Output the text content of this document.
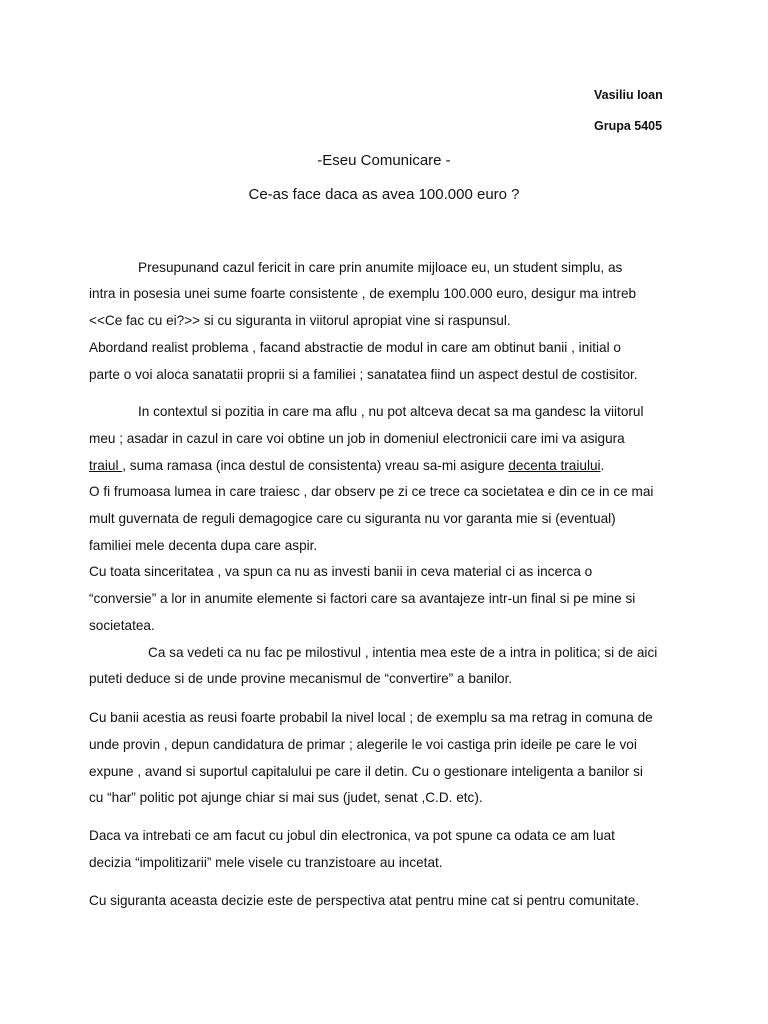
Vasiliu Ioan
Grupa 5405
-Eseu Comunicare -
Ce-as face daca as avea 100.000 euro ?
Presupunand cazul fericit in care prin anumite mijloace eu, un student simplu, as
intra in posesia unei sume foarte consistente , de exemplu 100.000 euro, desigur ma intreb
<<Ce fac cu ei?>> si cu siguranta in viitorul apropiat vine si raspunsul.
Abordand realist problema , facand abstractie de modul in care am obtinut banii , initial o
parte o voi aloca sanatatii proprii si a familiei ; sanatatea fiind un aspect destul de costisitor.
In contextul si pozitia in care ma aflu , nu pot altceva decat sa ma gandesc la viitorul
meu ; asadar in cazul in care voi obtine un job in domeniul electronicii care imi va asigura
traiul , suma ramasa (inca destul de consistenta) vreau sa-mi asigure decenta traiului.
O fi frumoasa lumea in care traiesc , dar observ pe zi ce trece ca societatea e din ce in ce mai
mult guvernata de reguli demagogice care cu siguranta nu vor garanta mie si (eventual)
familiei mele decenta dupa care aspir.
Cu toata sinceritatea , va spun ca nu as investi banii in ceva material ci as incerca o
“conversie” a lor in anumite elemente si factori care sa avantajeze intr-un final si pe mine si
societatea.
Ca sa vedeti ca nu fac pe milostivul , intentia mea este de a intra in politica; si de aici
puteti deduce si de unde provine mecanismul de “convertire” a banilor.
Cu banii acestia as reusi foarte probabil la nivel local ; de exemplu sa ma retrag in comuna de
unde provin , depun candidatura de primar ; alegerile le voi castiga prin ideile pe care le voi
expune , avand si suportul capitalului pe care il detin. Cu o gestionare inteligenta a banilor si
cu “har” politic pot ajunge chiar si mai sus (judet, senat ,C.D. etc).
Daca va intrebati ce am facut cu jobul din electronica, va pot spune ca odata ce am luat
decizia “impolitizarii” mele visele cu tranzistoare au incetat.
Cu siguranta aceasta decizie este de perspectiva atat pentru mine cat si pentru comunitate.
